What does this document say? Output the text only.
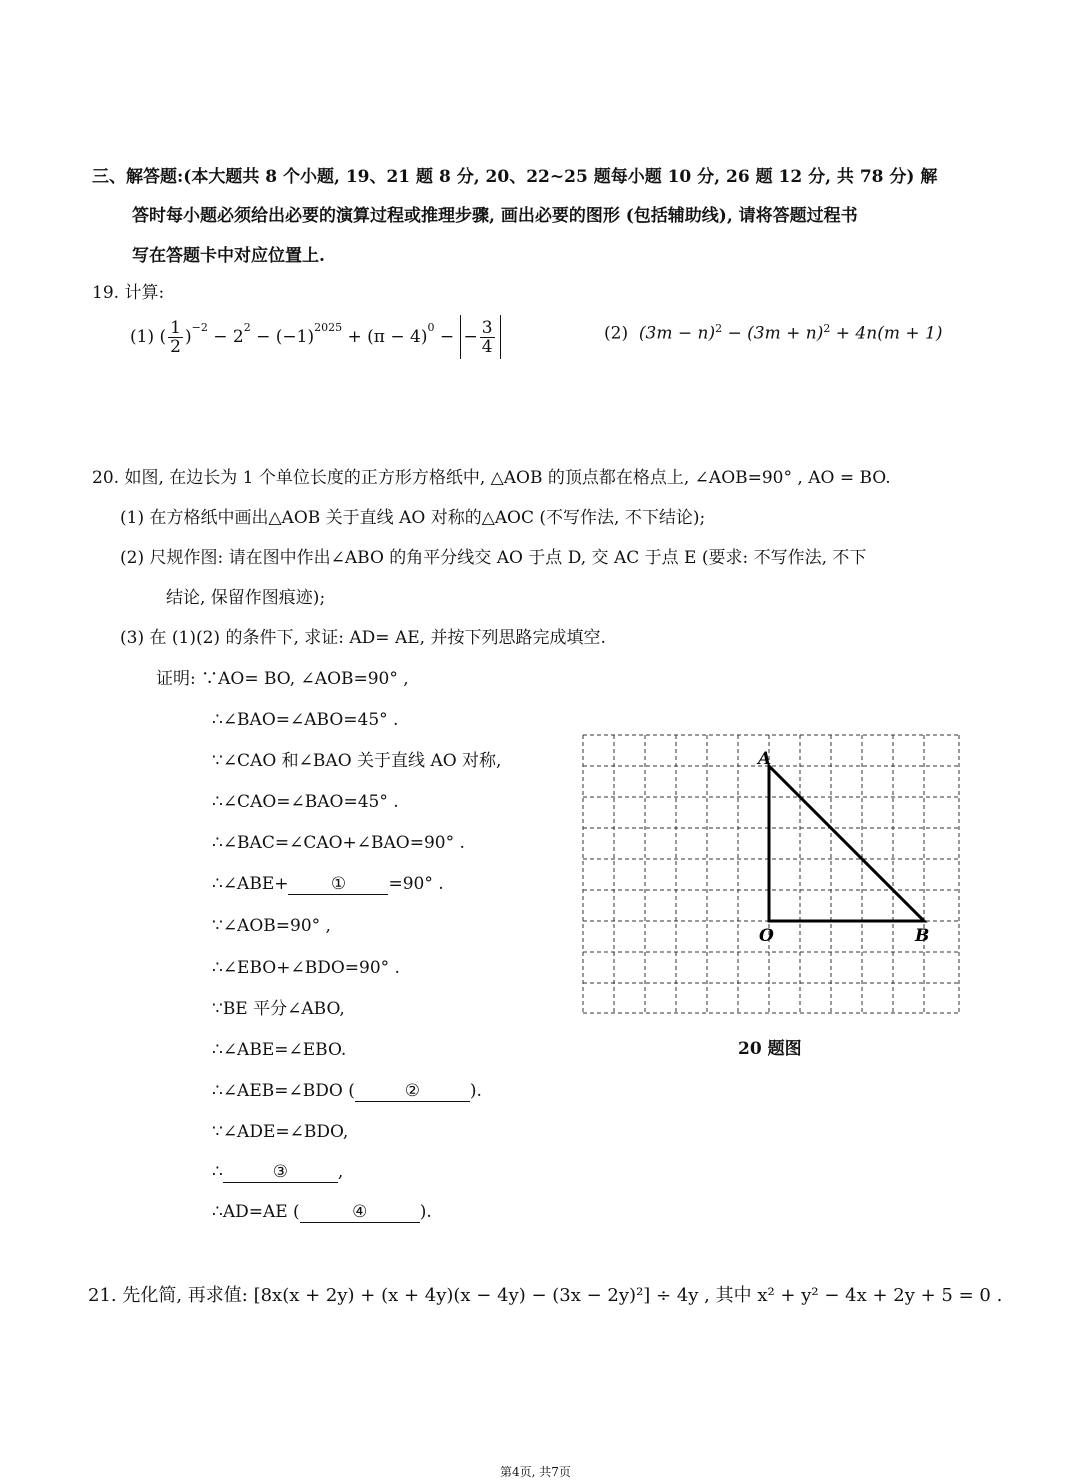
三、解答题:(本大题共 8 个小题, 19、21 题 8 分, 20、22~25 题每小题 10 分, 26 题 12 分, 共 78 分) 解
答时每小题必须给出必要的演算过程或推理步骤, 画出必要的图形 (包括辅助线), 请将答题过程书
写在答题卡中对应位置上.
19. 计算:
(1) ( $\frac{1}{2} )^{-2}$
− $2^2$
− $(-1)^{2025}$
+ $(\pi - 4)^0$
−
− $\frac{3}{4}$	(2) $(3m - n)^2 - (3m + n)^2 + 4n(m + 1)$
20. 如图, 在边长为 1 个单位长度的正方形方格纸中, △AOB 的顶点都在格点上, ∠AOB=90° , AO = BO.
(1) 在方格纸中画出△AOB 关于直线 AO 对称的△AOC (不写作法, 不下结论);
(2) 尺规作图: 请在图中作出∠ABO 的角平分线交 AO 于点 D, 交 AC 于点 E (要求: 不写作法, 不下
结论, 保留作图痕迹);
(3) 在 (1)(2) 的条件下, 求证: AD= AE, 并按下列思路完成填空.
证明: ∵AO= BO, ∠AOB=90° ,
∴∠BAO=∠ABO=45° .
∵∠CAO 和∠BAO 关于直线 AO 对称,
∴∠CAO=∠BAO=45° .
∴∠BAC=∠CAO+∠BAO=90° .
∴∠ABE+ ① =90° .
∵∠AOB=90° ,
∴∠EBO+∠BDO=90° .
∵BE 平分∠ABO,
∴∠ABE=∠EBO.
∴∠AEB=∠BDO (	②	).
∵∠ADE=∠BDO,
∴	③	,
∴AD=AE (	④	).
A
O	B
20 题图
21. 先化简, 再求值: [8x(x + 2y) + (x + 4y)(x − 4y) − (3x − 2y)²] ÷ 4y , 其中 x² + y² − 4x + 2y + 5 = 0 .
第4页, 共7页
